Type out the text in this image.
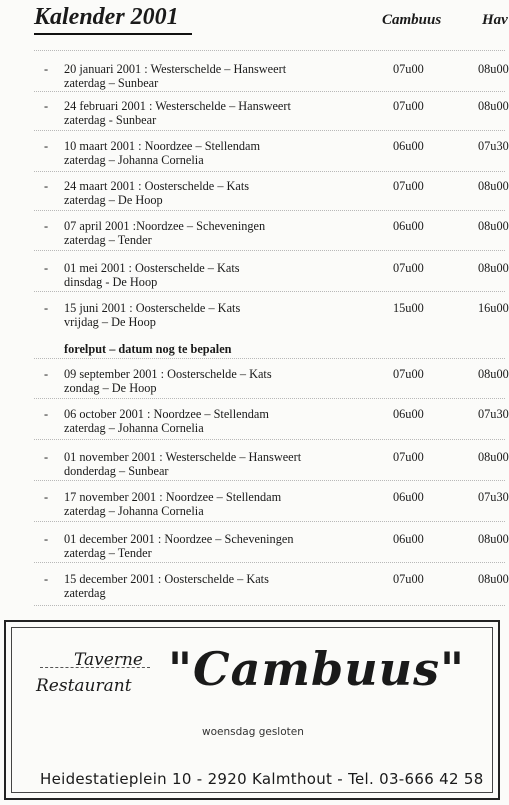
Kalender 2001	Cambuus	Hav
- 20 januari 2001 : Westerschelde – Hansweert
zaterdag – Sunbear
07u00	08u00
- 24 februari 2001 : Westerschelde – Hansweert
zaterdag - Sunbear
07u00	08u00
- 10 maart 2001 : Noordzee – Stellendam
zaterdag – Johanna Cornelia
06u00	07u30
- 24 maart 2001 : Oosterschelde – Kats
zaterdag – De Hoop
07u00	08u00
- 07 april 2001 :Noordzee – Scheveningen
zaterdag – Tender
06u00	08u00
- 01 mei 2001 : Oosterschelde – Kats
dinsdag - De Hoop
07u00	08u00
- 15 juni 2001 : Oosterschelde – Kats
vrijdag – De Hoop
15u00	16u00
forelput – datum nog te bepalen
- 09 september 2001 : Oosterschelde – Kats
zondag – De Hoop
07u00	08u00
- 06 october 2001 : Noordzee – Stellendam
zaterdag – Johanna Cornelia
06u00	07u30
- 01 november 2001 : Westerschelde – Hansweert
donderdag – Sunbear
07u00	08u00
- 17 november 2001 : Noordzee – Stellendam
zaterdag – Johanna Cornelia
06u00	07u30
- 01 december 2001 : Noordzee – Scheveningen
zaterdag – Tender
06u00	08u00
- 15 december 2001 : Oosterschelde – Kats
zaterdag
07u00	08u00
Taverne
Restaurant "Cambuus"
woensdag gesloten
Heidestatieplein 10 - 2920 Kalmthout - Tel. 03-666 42 58
